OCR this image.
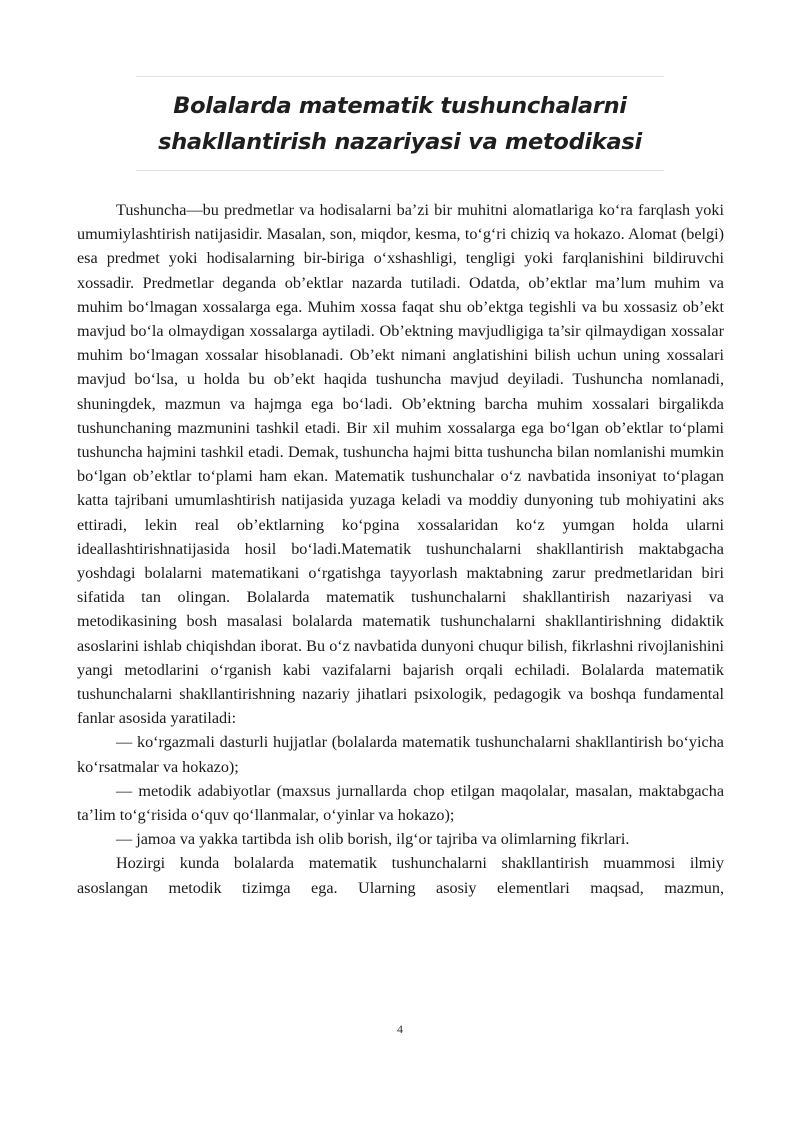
Bolalarda matematik tushunchalarni
shakllantirish nazariyasi va metodikasi

Tushuncha—bu predmetlar va hodisalarni ba’zi bir muhitni alomatlariga ko‘ra farqlash yoki umumiylashtirish natijasidir. Masalan, son, miqdor, kesma, to‘g‘ri chiziq va hokazo. Alomat (belgi) esa predmet yoki hodisalarning bir-biriga o‘xshashligi, tengligi yoki farqlanishini bildiruvchi xossadir. Predmetlar deganda ob’ektlar nazarda tutiladi. Odatda, ob’ektlar ma’lum muhim va muhim bo‘lmagan xossalarga ega. Muhim xossa faqat shu ob’ektga tegishli va bu xossasiz ob’ekt mavjud bo‘la olmaydigan xossalarga aytiladi. Ob’ektning mavjudligiga ta’sir qilmaydigan xossalar muhim bo‘lmagan xossalar hisoblanadi. Ob’ekt nimani anglatishini bilish uchun uning xossalari mavjud bo‘lsa, u holda bu ob’ekt haqida tushuncha mavjud deyiladi. Tushuncha nomlanadi, shuningdek, mazmun va hajmga ega bo‘ladi. Ob’ektning barcha muhim xossalari birgalikda tushunchaning mazmunini tashkil etadi. Bir xil muhim xossalarga ega bo‘lgan ob’ektlar to‘plami tushuncha hajmini tashkil etadi. Demak, tushuncha hajmi bitta tushuncha bilan nomlanishi mumkin bo‘lgan ob’ektlar to‘plami ham ekan. Matematik tushunchalar o‘z navbatida insoniyat to‘plagan katta tajribani umumlashtirish natijasida yuzaga keladi va moddiy dunyoning tub mohiyatini aks ettiradi, lekin real ob’ektlarning ko‘pgina xossalaridan ko‘z yumgan holda ularni ideallashtirishnatijasida hosil bo‘ladi.Matematik tushunchalarni shakllantirish maktabgacha yoshdagi bolalarni matematikani o‘rgatishga tayyorlash maktabning zarur predmetlaridan biri sifatida tan olingan. Bolalarda matematik tushunchalarni shakllantirish nazariyasi va metodikasining bosh masalasi bolalarda matematik tushunchalarni shakllantirishning didaktik asoslarini ishlab chiqishdan iborat. Bu o‘z navbatida dunyoni chuqur bilish, fikrlashni rivojlanishini yangi metodlarini o‘rganish kabi vazifalarni bajarish orqali echiladi. Bolalarda matematik tushunchalarni shakllantirishning nazariy jihatlari psixologik, pedagogik va boshqa fundamental fanlar asosida yaratiladi:

— ko‘rgazmali dasturli hujjatlar (bolalarda matematik tushunchalarni shakllantirish bo‘yicha ko‘rsatmalar va hokazo);

— metodik adabiyotlar (maxsus jurnallarda chop etilgan maqolalar, masalan, maktabgacha ta’lim to‘g‘risida o‘quv qo‘llanmalar, o‘yinlar va hokazo);

— jamoa va yakka tartibda ish olib borish, ilg‘or tajriba va olimlarning fikrlari.

Hozirgi kunda bolalarda matematik tushunchalarni shakllantirish muammosi ilmiy asoslangan metodik tizimga ega. Ularning asosiy elementlari maqsad, mazmun,

4
